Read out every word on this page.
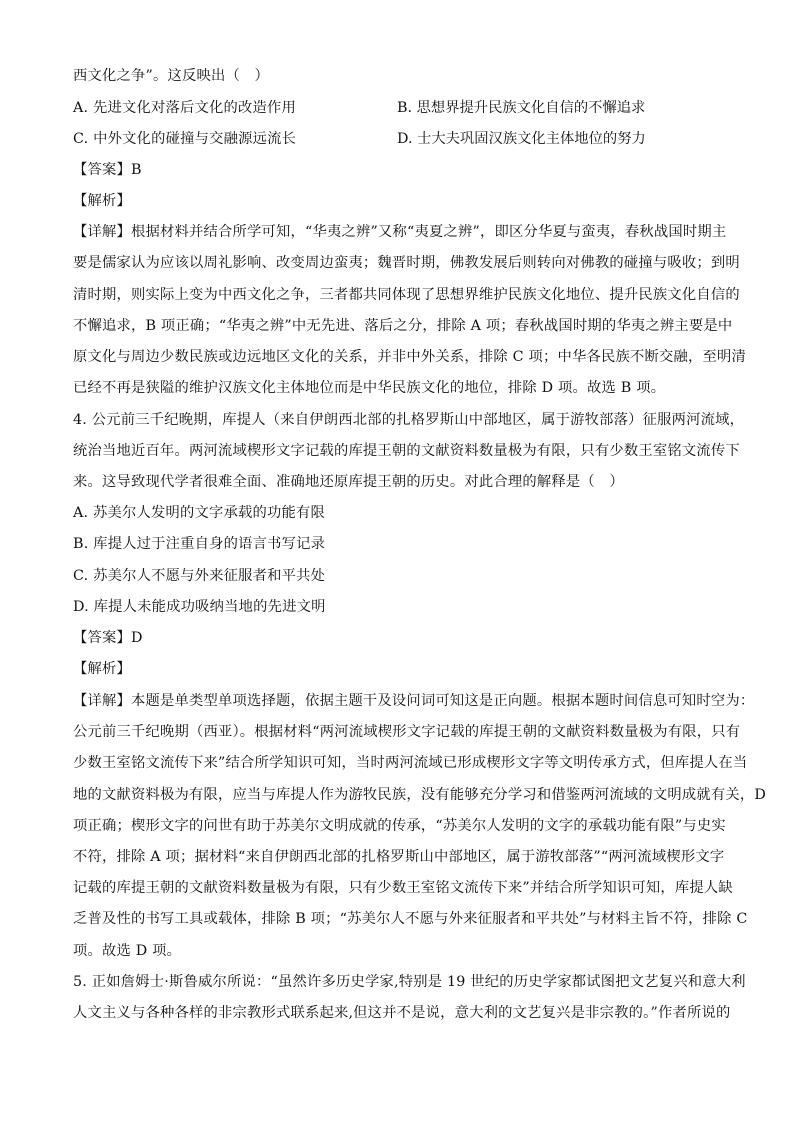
西文化之争”。这反映出（　）
A. 先进文化对落后文化的改造作用	B. 思想界提升民族文化自信的不懈追求
C. 中外文化的碰撞与交融源远流长	D. 士大夫巩固汉族文化主体地位的努力
【答案】B
【解析】
【详解】根据材料并结合所学可知，“华夷之辨”又称“夷夏之辨”，即区分华夏与蛮夷，春秋战国时期主
要是儒家认为应该以周礼影响、改变周边蛮夷；魏晋时期，佛教发展后则转向对佛教的碰撞与吸收；到明
清时期，则实际上变为中西文化之争，三者都共同体现了思想界维护民族文化地位、提升民族文化自信的
不懈追求，B 项正确；“华夷之辨”中无先进、落后之分，排除 A 项；春秋战国时期的华夷之辨主要是中
原文化与周边少数民族或边远地区文化的关系，并非中外关系，排除 C 项；中华各民族不断交融，至明清
已经不再是狭隘的维护汉族文化主体地位而是中华民族文化的地位，排除 D 项。故选 B 项。
4. 公元前三千纪晚期，库提人（来自伊朗西北部的扎格罗斯山中部地区，属于游牧部落）征服两河流域，
统治当地近百年。两河流域楔形文字记载的库提王朝的文献资料数量极为有限，只有少数王室铭文流传下
来。这导致现代学者很难全面、准确地还原库提王朝的历史。对此合理的解释是（　）
A. 苏美尔人发明的文字承载的功能有限
B. 库提人过于注重自身的语言书写记录
C. 苏美尔人不愿与外来征服者和平共处
D. 库提人未能成功吸纳当地的先进文明
【答案】D
【解析】
【详解】本题是单类型单项选择题，依据主题干及设问词可知这是正向题。根据本题时间信息可知时空为：
公元前三千纪晚期（西亚）。根据材料“两河流域楔形文字记载的库提王朝的文献资料数量极为有限，只有
少数王室铭文流传下来”结合所学知识可知，当时两河流域已形成楔形文字等文明传承方式，但库提人在当
地的文献资料极为有限，应当与库提人作为游牧民族，没有能够充分学习和借鉴两河流域的文明成就有关，D
项正确；楔形文字的问世有助于苏美尔文明成就的传承，“苏美尔人发明的文字的承载功能有限”与史实
不符，排除 A 项；据材料“来自伊朗西北部的扎格罗斯山中部地区，属于游牧部落”“两河流域楔形文字
记载的库提王朝的文献资料数量极为有限，只有少数王室铭文流传下来”并结合所学知识可知，库提人缺
乏普及性的书写工具或载体，排除 B 项；“苏美尔人不愿与外来征服者和平共处”与材料主旨不符，排除 C
项。故选 D 项。
5. 正如詹姆士·斯鲁威尔所说：“虽然许多历史学家,特别是 19 世纪的历史学家都试图把文艺复兴和意大利
人文主义与各种各样的非宗教形式联系起来,但这并不是说，意大利的文艺复兴是非宗教的。”作者所说的
